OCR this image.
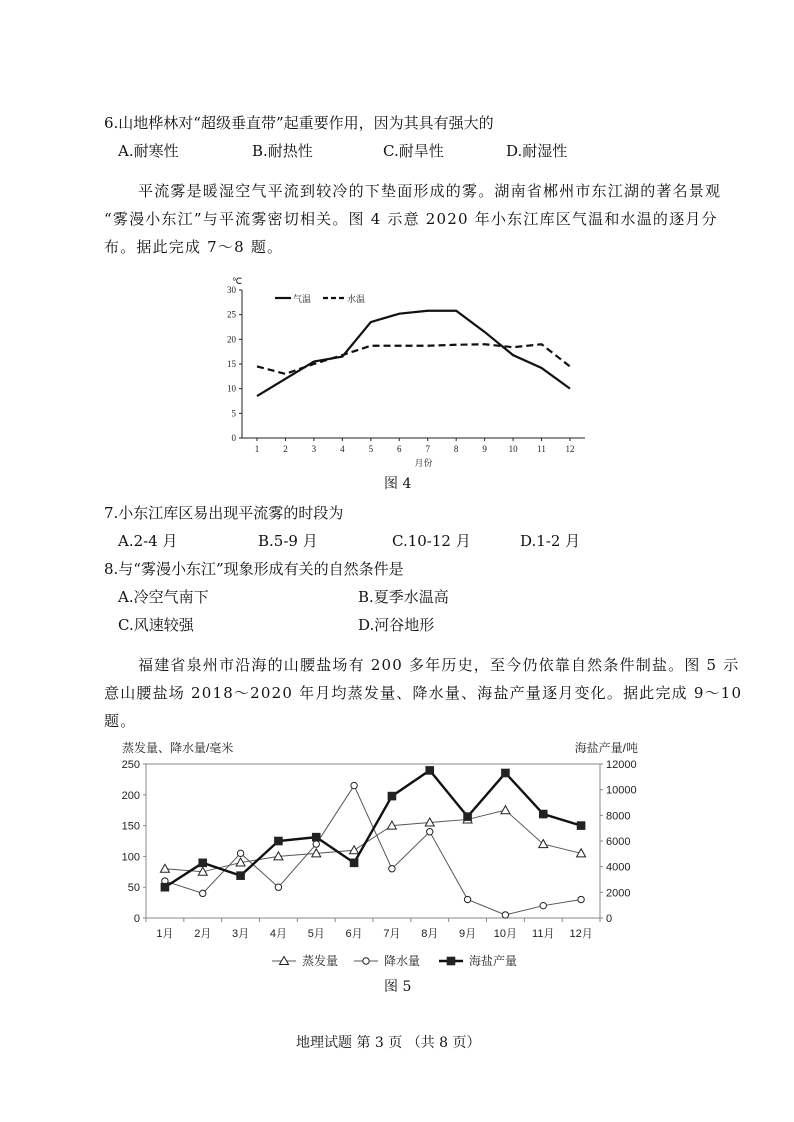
6.山地桦林对“超级垂直带”起重要作用，因为其具有强大的
A.耐寒性	B.耐热性	C.耐旱性	D.耐湿性
平流雾是暖湿空气平流到较冷的下垫面形成的雾。湖南省郴州市东江湖的著名景观
“雾漫小东江”与平流雾密切相关。图 4 示意 2020 年小东江库区气温和水温的逐月分
布。据此完成 7～8 题。
℃
0
5
10
15
20
25
30
1	2	3	4	5	6	7	8	9 10 11 12
月份
气温	水温
图 4
7.小东江库区易出现平流雾的时段为
A.2-4 月	B.5-9 月	C.10-12 月	D.1-2 月
8.与“雾漫小东江”现象形成有关的自然条件是
A.冷空气南下	B.夏季水温高
C.风速较强	D.河谷地形
福建省泉州市沿海的山腰盐场有 200 多年历史，至今仍依靠自然条件制盐。图 5 示
意山腰盐场 2018～2020 年月均蒸发量、降水量、海盐产量逐月变化。据此完成 9～10
题。
蒸发量、降水量/毫米	海盐产量/吨
0
50
100
150
200
250
0
2000
4000
6000
8000
10000
12000
1月 2月 3月 4月 5月 6月 7月 8月 9月 10月 11月 12月
蒸发量	降水量	海盐产量
图 5
地理试题 第 3 页 （共 8 页）
